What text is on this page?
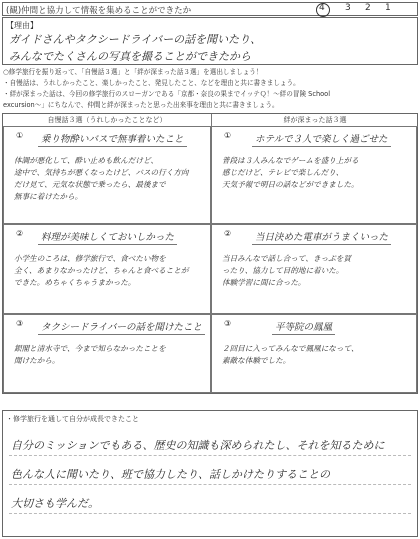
(観)仲間と協力して情報を集めることができたか	4 3 2 1
【理由】
ガイドさんやタクシードライバーの話を聞いたり、
みんなでたくさんの写真を撮ることができたから
○修学旅行を振り返って、「自慢話３選」と「絆が深まった話３選」を選出しましょう！
・自慢話は、うれしかったこと、楽しかったこと、発見したこと、などを理由と共に書きましょう。
・絆が深まった話は、今回の修学旅行のスローガンである「京都・奈良の果までイッテＱ！～絆の冒険 School
excursion～」にちなんで、仲間と絆が深まったと思った出来事を理由と共に書きましょう。
自慢話３選（うれしかったことなど）	絆が深まった話３選
①	乗り物酔いバスで無事着いたこと
体調が悪化して、酔い止めも飲んだけど、
途中で、気持ちが悪くなったけど、バスの行く方向
だけ見て、元気な状態で乗ったら、最後まで
無事に着けたから。
①	ホテルで３人で楽しく過ごせた
普段は３人みんなでゲームを盛り上がる
感じだけど、テレビで楽しんだり、
天気予報で明日の話などができました。
②	料理が美味しくておいしかった
小学生のころは、修学旅行で、食べたい物を
全く、あまりなかったけど、ちゃんと食べることが
できた。めちゃくちゃうまかった。
②	当日決めた電車がうまくいった
当日みんなで話し合って、きっぷを買
ったり、協力して目的地に着いた。
体験学習に間に合った。
③	タクシードライバーの話を聞けたこと
銀閣と清水寺で、今まで知らなかったことを
聞けたから。
③	平等院の鳳凰
２回目に入ってみんなで鳳凰になって、
素敵な体験でした。
・修学旅行を通して自分が成長できたこと
自分のミッションでもある、歴史の知識も深められたし、それを知るために
色んな人に聞いたり、班で協力したり、話しかけたりすることの
大切さも学んだ。
